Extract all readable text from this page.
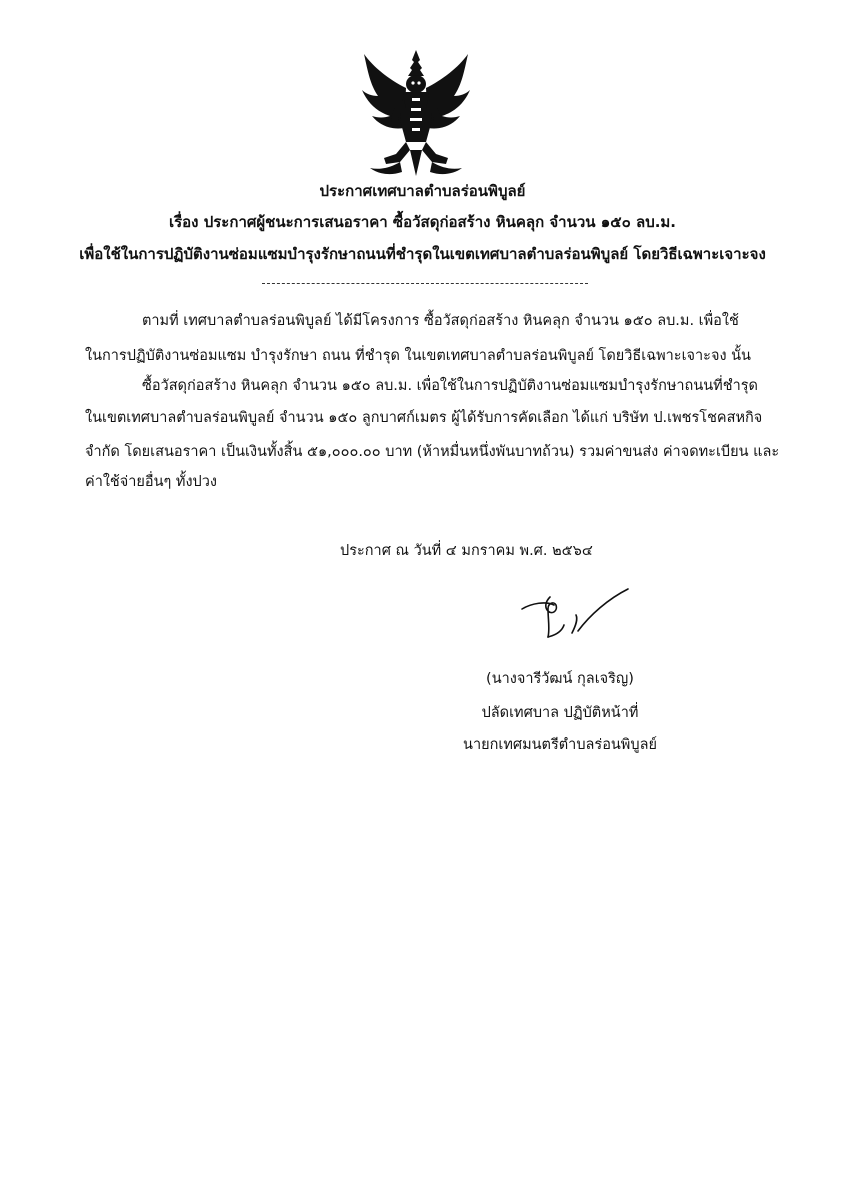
ประกาศเทศบาลตำบลร่อนพิบูลย์
เรื่อง ประกาศผู้ชนะการเสนอราคา ซื้อวัสดุก่อสร้าง หินคลุก จำนวน ๑๕๐ ลบ.ม.
เพื่อใช้ในการปฏิบัติงานซ่อมแซมบำรุงรักษาถนนที่ชำรุดในเขตเทศบาลตำบลร่อนพิบูลย์ โดยวิธีเฉพาะเจาะจง
ตามที่ เทศบาลตำบลร่อนพิบูลย์ ได้มีโครงการ ซื้อวัสดุก่อสร้าง หินคลุก จำนวน ๑๕๐ ลบ.ม. เพื่อใช้
ในการปฏิบัติงานซ่อมแซม บำรุงรักษา ถนน ที่ชำรุด ในเขตเทศบาลตำบลร่อนพิบูลย์ โดยวิธีเฉพาะเจาะจง นั้น
ซื้อวัสดุก่อสร้าง หินคลุก จำนวน ๑๕๐ ลบ.ม. เพื่อใช้ในการปฏิบัติงานซ่อมแซมบำรุงรักษาถนนที่ชำรุด
ในเขตเทศบาลตำบลร่อนพิบูลย์ จำนวน ๑๕๐ ลูกบาศก์เมตร ผู้ได้รับการคัดเลือก ได้แก่ บริษัท ป.เพชรโชคสหกิจ
จำกัด โดยเสนอราคา เป็นเงินทั้งสิ้น ๕๑,๐๐๐.๐๐ บาท (ห้าหมื่นหนึ่งพันบาทถ้วน) รวมค่าขนส่ง ค่าจดทะเบียน และ
ค่าใช้จ่ายอื่นๆ ทั้งปวง
ประกาศ ณ วันที่ ๔ มกราคม พ.ศ. ๒๕๖๔
(นางจารีวัฒน์ กุลเจริญ)
ปลัดเทศบาล ปฏิบัติหน้าที่
นายกเทศมนตรีตำบลร่อนพิบูลย์
